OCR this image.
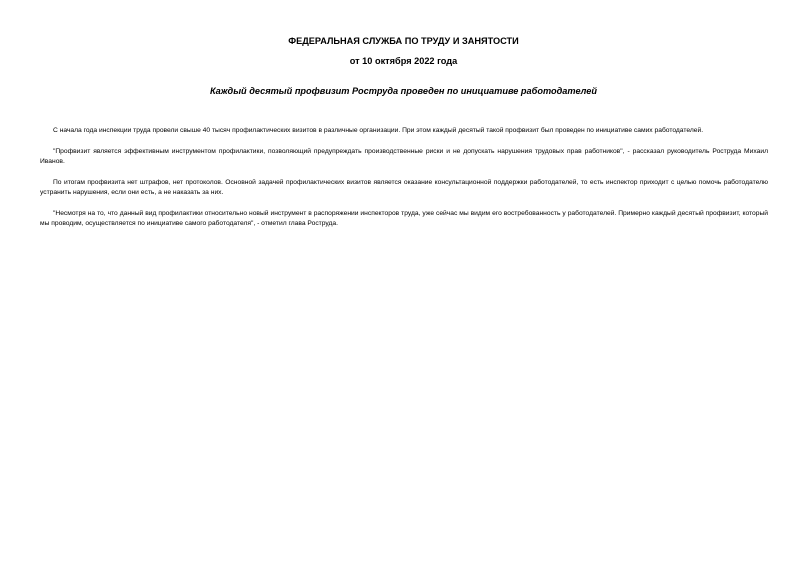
ФЕДЕРАЛЬНАЯ СЛУЖБА ПО ТРУДУ И ЗАНЯТОСТИ
от 10 октября 2022 года
Каждый десятый профвизит Роструда проведен по инициативе работодателей

С начала года инспекции труда провели свыше 40 тысяч профилактических визитов в различные организации. При этом каждый десятый такой профвизит был проведен по инициативе самих работодателей.

"Профвизит является эффективным инструментом профилактики, позволяющий предупреждать производственные риски и не допускать нарушения трудовых прав работников", - рассказал руководитель Роструда Михаил Иванов.

По итогам профвизита нет штрафов, нет протоколов. Основной задачей профилактических визитов является оказание консультационной поддержки работодателей, то есть инспектор приходит с целью помочь работодателю устранить нарушения, если они есть, а не наказать за них.

"Несмотря на то, что данный вид профилактики относительно новый инструмент в распоряжении инспекторов труда, уже сейчас мы видим его востребованность у работодателей. Примерно каждый десятый профвизит, который мы проводим, осуществляется по инициативе самого работодателя", - отметил глава Роструда.
